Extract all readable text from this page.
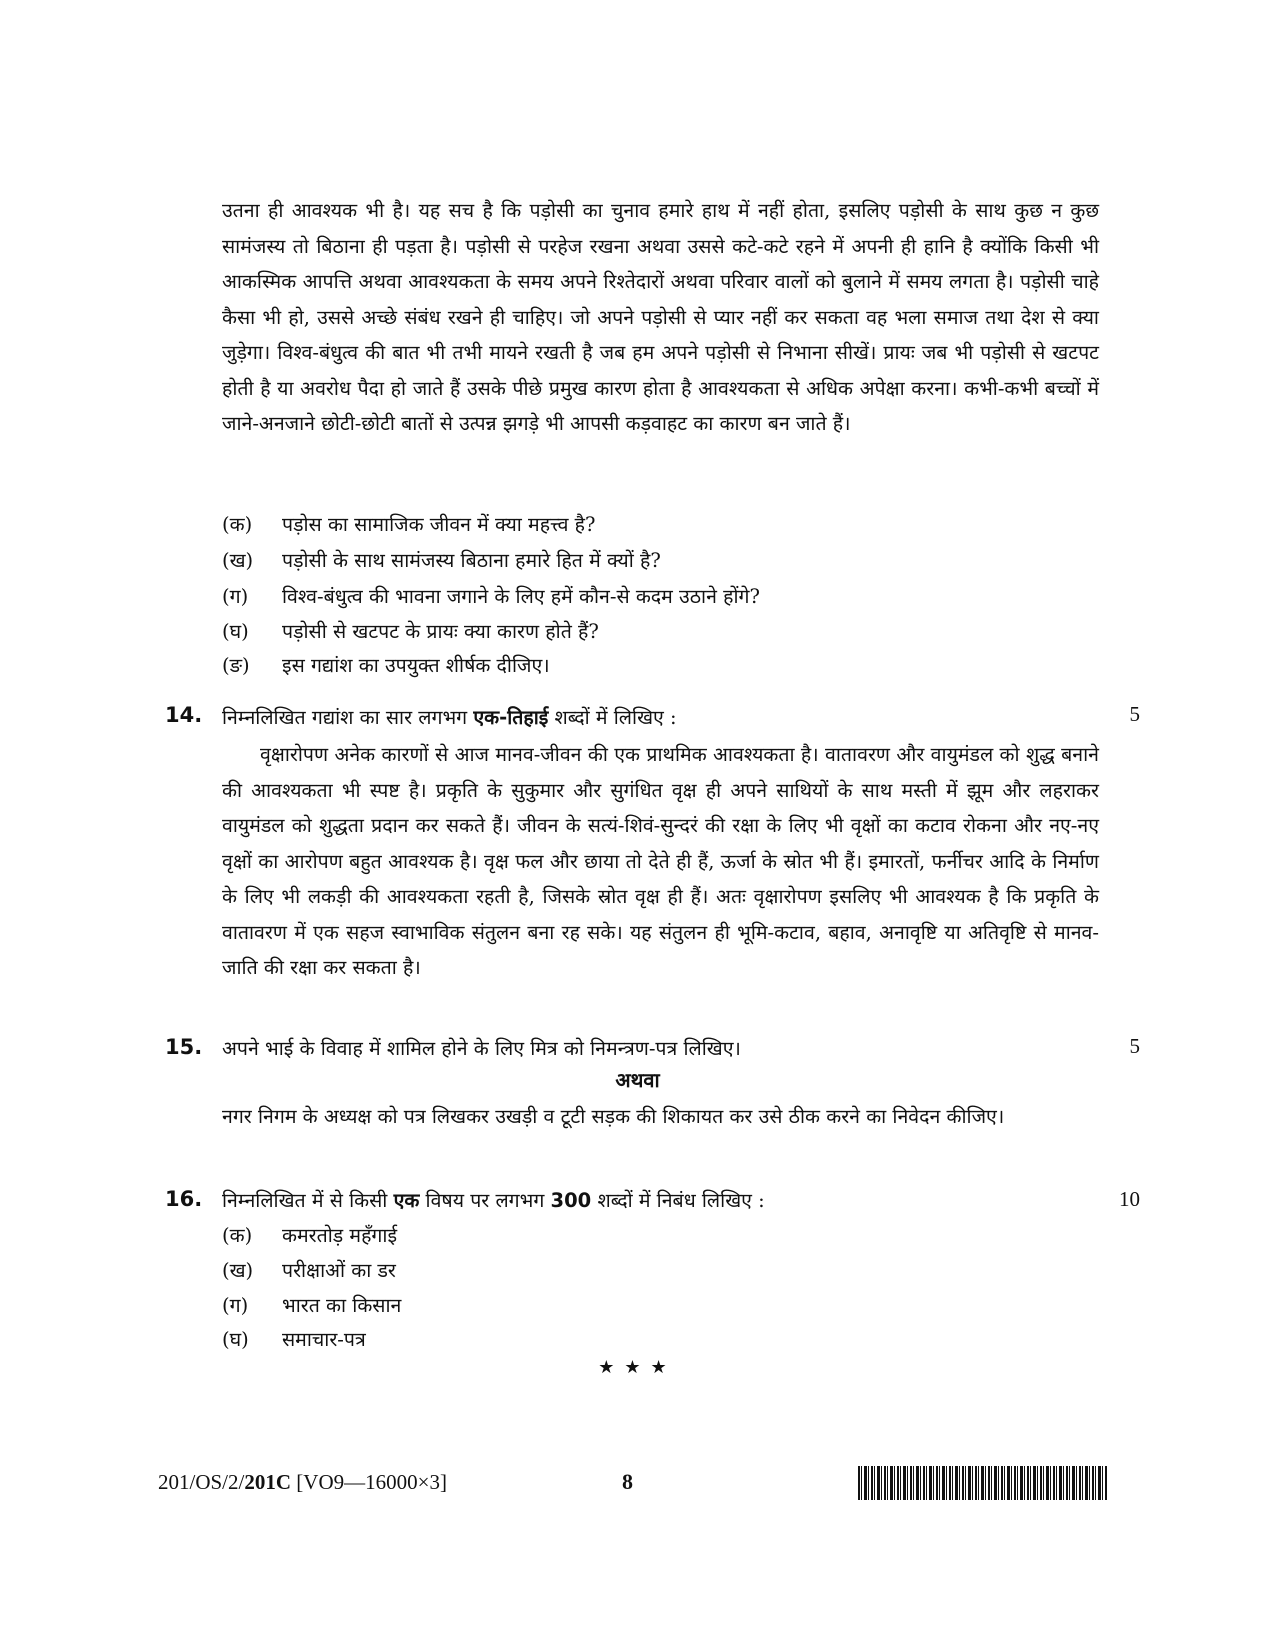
उतना ही आवश्यक भी है। यह सच है कि पड़ोसी का चुनाव हमारे हाथ में नहीं होता, इसलिए पड़ोसी के साथ कुछ न कुछ सामंजस्य तो बिठाना ही पड़ता है। पड़ोसी से परहेज रखना अथवा उससे कटे-कटे रहने में अपनी ही हानि है क्योंकि किसी भी आकस्मिक आपत्ति अथवा आवश्यकता के समय अपने रिश्तेदारों अथवा परिवार वालों को बुलाने में समय लगता है। पड़ोसी चाहे कैसा भी हो, उससे अच्छे संबंध रखने ही चाहिए। जो अपने पड़ोसी से प्यार नहीं कर सकता वह भला समाज तथा देश से क्या जुड़ेगा। विश्व-बंधुत्व की बात भी तभी मायने रखती है जब हम अपने पड़ोसी से निभाना सीखें। प्रायः जब भी पड़ोसी से खटपट होती है या अवरोध पैदा हो जाते हैं उसके पीछे प्रमुख कारण होता है आवश्यकता से अधिक अपेक्षा करना। कभी-कभी बच्चों में जाने-अनजाने छोटी-छोटी बातों से उत्पन्न झगड़े भी आपसी कड़वाहट का कारण बन जाते हैं।

(क) पड़ोस का सामाजिक जीवन में क्या महत्त्व है?
(ख) पड़ोसी के साथ सामंजस्य बिठाना हमारे हित में क्यों है?
(ग) विश्व-बंधुत्व की भावना जगाने के लिए हमें कौन-से कदम उठाने होंगे?
(घ) पड़ोसी से खटपट के प्रायः क्या कारण होते हैं?
(ङ) इस गद्यांश का उपयुक्त शीर्षक दीजिए।
14. निम्नलिखित गद्यांश का सार लगभग एक-तिहाई शब्दों में लिखिए :	5

वृक्षारोपण अनेक कारणों से आज मानव-जीवन की एक प्राथमिक आवश्यकता है। वातावरण और वायुमंडल को शुद्ध बनाने की आवश्यकता भी स्पष्ट है। प्रकृति के सुकुमार और सुगंधित वृक्ष ही अपने साथियों के साथ मस्ती में झूम और लहराकर वायुमंडल को शुद्धता प्रदान कर सकते हैं। जीवन के सत्यं-शिवं-सुन्दरं की रक्षा के लिए भी वृक्षों का कटाव रोकना और नए-नए वृक्षों का आरोपण बहुत आवश्यक है। वृक्ष फल और छाया तो देते ही हैं, ऊर्जा के स्रोत भी हैं। इमारतों, फर्नीचर आदि के निर्माण के लिए भी लकड़ी की आवश्यकता रहती है, जिसके स्रोत वृक्ष ही हैं। अतः वृक्षारोपण इसलिए भी आवश्यक है कि प्रकृति के वातावरण में एक सहज स्वाभाविक संतुलन बना रह सके। यह संतुलन ही भूमि-कटाव, बहाव, अनावृष्टि या अतिवृष्टि से मानव-जाति की रक्षा कर सकता है।

15. अपने भाई के विवाह में शामिल होने के लिए मित्र को निमन्त्रण-पत्र लिखिए।	5
अथवा

नगर निगम के अध्यक्ष को पत्र लिखकर उखड़ी व टूटी सड़क की शिकायत कर उसे ठीक करने का निवेदन कीजिए।

16. निम्नलिखित में से किसी एक विषय पर लगभग 300 शब्दों में निबंध लिखिए :	10
(क) कमरतोड़ महँगाई
(ख) परीक्षाओं का डर
(ग) भारत का किसान
(घ) समाचार-पत्र
★★★
201/OS/2/201C [VO9—16000×3]	8
